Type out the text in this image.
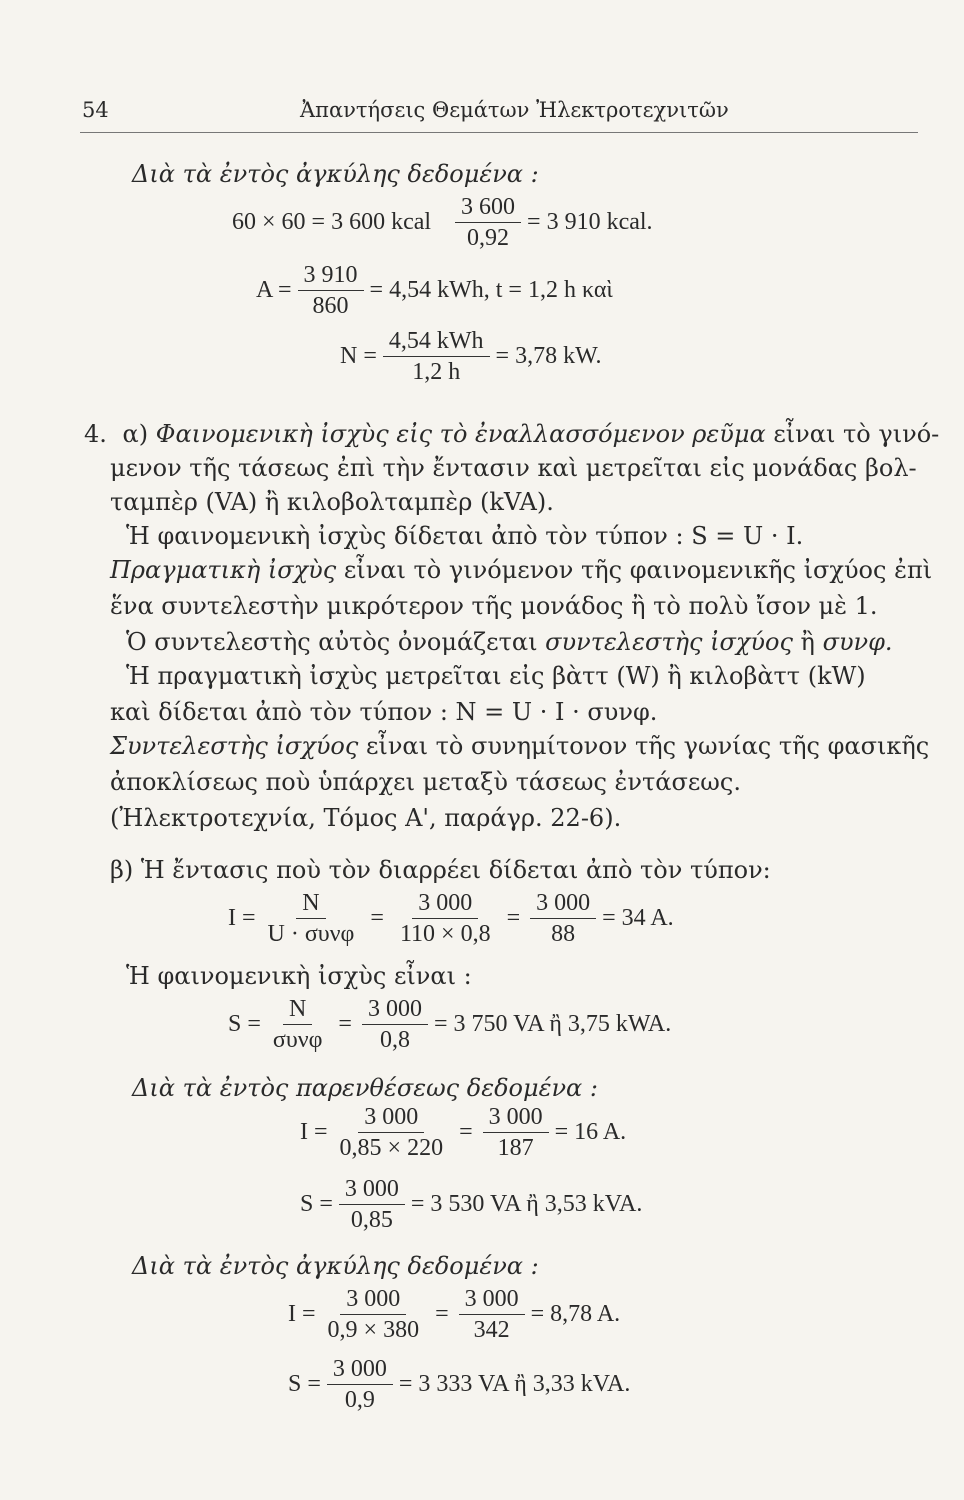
54	Ἀπαντήσεις Θεμάτων Ἠλεκτροτεχνιτῶν
Διὰ τὰ ἐντὸς ἀγκύλης δεδομένα :
60 × 60 = 3 600 kcal $\frac{3 600}{0,92} = 3$ 910 kcal.
$A = \frac{3 910}{860} = 4,54$ kWh, t = 1,2 h καὶ
$N = \frac{\text{4,54 kWh}}{1,2 h} = 3,78$ kW.
4. α) Φαινομενικὴ ἰσχὺς εἰς τὸ ἐναλλασσόμενον ρεῦμα εἶναι τὸ γινό-
μενον τῆς τάσεως ἐπὶ τὴν ἔντασιν καὶ μετρεῖται εἰς μονάδας βολ-
ταμπὲρ (VA) ἢ κιλοβολταμπὲρ (kVA).
Ἡ φαινομενικὴ ἰσχὺς δίδεται ἀπὸ τὸν τύπον : S = U · I.
Πραγματικὴ ἰσχὺς εἶναι τὸ γινόμενον τῆς φαινομενικῆς ἰσχύος ἐπὶ
ἕνα συντελεστὴν μικρότερον τῆς μονάδος ἢ τὸ πολὺ ἴσον μὲ 1.
Ὁ συντελεστὴς αὐτὸς ὀνομάζεται συντελεστὴς ἰσχύος ἢ συνφ.
Ἡ πραγματικὴ ἰσχὺς μετρεῖται εἰς βὰττ (W) ἢ κιλοβὰττ (kW)
καὶ δίδεται ἀπὸ τὸν τύπον : N = U · I · συνφ.
Συντελεστὴς ἰσχύος εἶναι τὸ συνημίτονον τῆς γωνίας τῆς φασικῆς
ἀποκλίσεως ποὺ ὑπάρχει μεταξὺ τάσεως ἐντάσεως.
(Ἠλεκτροτεχνία, Τόμος Α', παράγρ. 22-6).
β) Ἡ ἔντασις ποὺ τὸν διαρρέει δίδεται ἀπὸ τὸν τύπον:
$I = \frac{N}{\text{U · συνφ}} = \frac{3 000}{110 \times 0,8} = \frac{3 000}{88} = 34$ A.
Ἡ φαινομενικὴ ἰσχὺς εἶναι :
$S = \frac{N}{\text{συνφ}} = \frac{3 000}{0,8} = 3$ 750 VA ἢ 3,75 kWA.
Διὰ τὰ ἐντὸς παρενθέσεως δεδομένα :
$I = \frac{3 000}{0,85 \times 220} = \frac{3 000}{187} = 16$ A.
$S = \frac{3 000}{0,85} = 3$ 530 VA ἢ 3,53 kVA.
Διὰ τὰ ἐντὸς ἀγκύλης δεδομένα :
$I = \frac{3 000}{0,9 \times 380} = \frac{3 000}{342} = 8,78$ A.
$S = \frac{3 000}{0,9} = 3$ 333 VA ἢ 3,33 kVA.
